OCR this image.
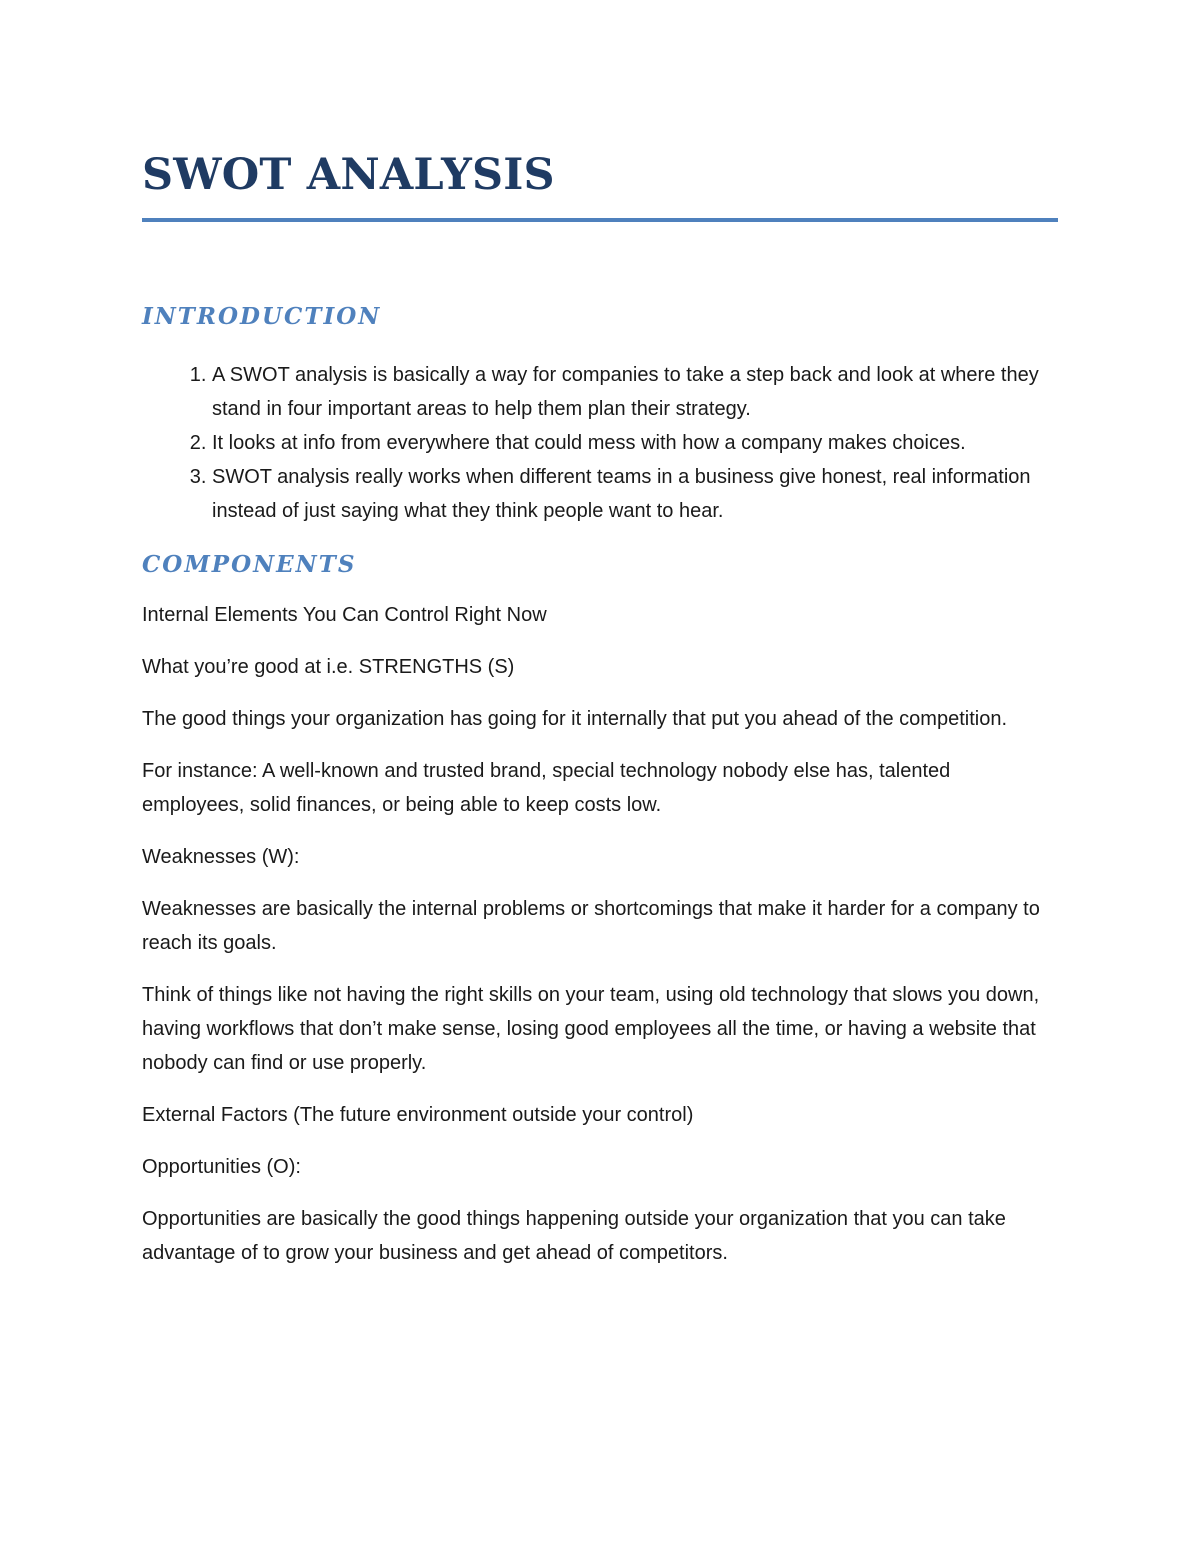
SWOT ANALYSIS
INTRODUCTION
1. A SWOT analysis is basically a way for companies to take a step back and look at where they stand in four important areas to help them plan their strategy.
2. It looks at info from everywhere that could mess with how a company makes choices.
3. SWOT analysis really works when different teams in a business give honest, real information instead of just saying what they think people want to hear.
COMPONENTS

Internal Elements You Can Control Right Now

What you’re good at i.e. STRENGTHS (S)

The good things your organization has going for it internally that put you ahead of the competition.

For instance: A well-known and trusted brand, special technology nobody else has, talented employees, solid finances, or being able to keep costs low.

Weaknesses (W):

Weaknesses are basically the internal problems or shortcomings that make it harder for a company to reach its goals.

Think of things like not having the right skills on your team, using old technology that slows you down, having workflows that don’t make sense, losing good employees all the time, or having a website that nobody can find or use properly.

External Factors (The future environment outside your control)

Opportunities (O):

Opportunities are basically the good things happening outside your organization that you can take advantage of to grow your business and get ahead of competitors.
